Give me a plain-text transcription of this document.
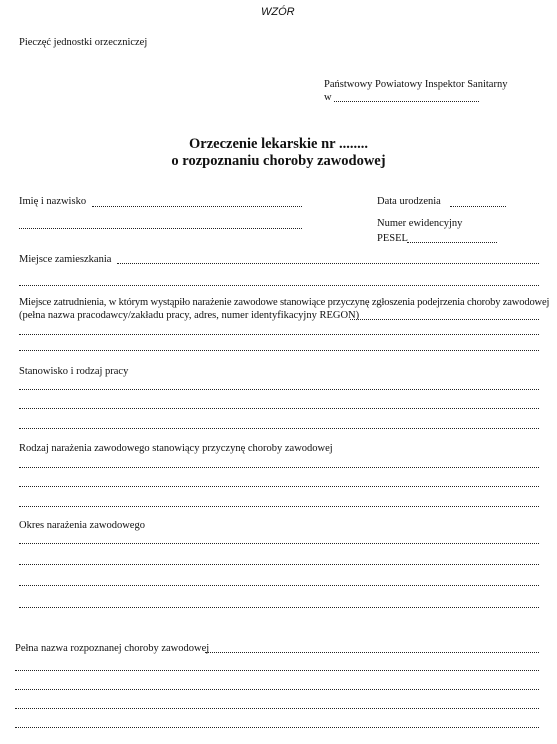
WZÓR
Pieczęć jednostki orzeczniczej
Państwowy Powiatowy Inspektor Sanitarny
w
Orzeczenie lekarskie nr ........
o rozpoznaniu choroby zawodowej
Imię i nazwisko	Data urodzenia
Numer ewidencyjny
PESEL
Miejsce zamieszkania
Miejsce zatrudnienia, w którym wystąpiło narażenie zawodowe stanowiące przyczynę zgłoszenia podejrzenia choroby zawodowej
(pełna nazwa pracodawcy/zakładu pracy, adres, numer identyfikacyjny REGON)
Stanowisko i rodzaj pracy
Rodzaj narażenia zawodowego stanowiący przyczynę choroby zawodowej
Okres narażenia zawodowego
Pełna nazwa rozpoznanej choroby zawodowej
